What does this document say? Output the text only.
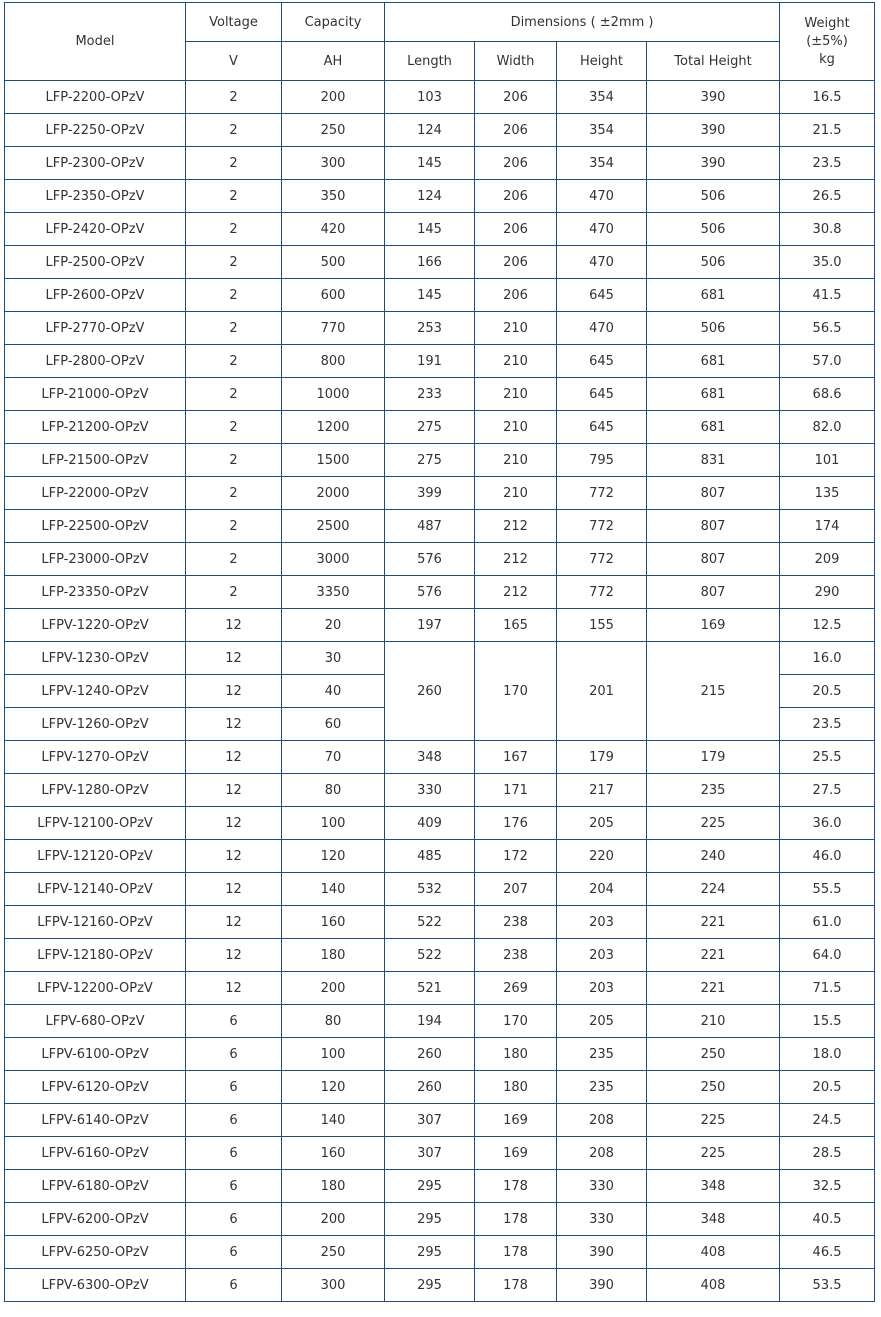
Model	Voltage	Capacity	Dimensions ( ±2mm )				Weight
(±5%)
kg

	V	AH	Length	Width	Height	Total Height	
LFP-2200-OPzV	2	200	103	206	354	390	16.5
LFP-2250-OPzV	2	250	124	206	354	390	21.5
LFP-2300-OPzV	2	300	145	206	354	390	23.5
LFP-2350-OPzV	2	350	124	206	470	506	26.5
LFP-2420-OPzV	2	420	145	206	470	506	30.8
LFP-2500-OPzV	2	500	166	206	470	506	35.0
LFP-2600-OPzV	2	600	145	206	645	681	41.5
LFP-2770-OPzV	2	770	253	210	470	506	56.5
LFP-2800-OPzV	2	800	191	210	645	681	57.0
LFP-21000-OPzV	2	1000	233	210	645	681	68.6
LFP-21200-OPzV	2	1200	275	210	645	681	82.0
LFP-21500-OPzV	2	1500	275	210	795	831	101
LFP-22000-OPzV	2	2000	399	210	772	807	135
LFP-22500-OPzV	2	2500	487	212	772	807	174
LFP-23000-OPzV	2	3000	576	212	772	807	209
LFP-23350-OPzV	2	3350	576	212	772	807	290
LFPV-1220-OPzV	12	20	197	165	155	169	12.5
LFPV-1230-OPzV	12	30	260	170	201	215	16.0
LFPV-1240-OPzV	12	40					20.5
LFPV-1260-OPzV	12	60					23.5
LFPV-1270-OPzV	12	70	348	167	179	179	25.5
LFPV-1280-OPzV	12	80	330	171	217	235	27.5
LFPV-12100-OPzV	12	100	409	176	205	225	36.0
LFPV-12120-OPzV	12	120	485	172	220	240	46.0
LFPV-12140-OPzV	12	140	532	207	204	224	55.5
LFPV-12160-OPzV	12	160	522	238	203	221	61.0
LFPV-12180-OPzV	12	180	522	238	203	221	64.0
LFPV-12200-OPzV	12	200	521	269	203	221	71.5
LFPV-680-OPzV	6	80	194	170	205	210	15.5
LFPV-6100-OPzV	6	100	260	180	235	250	18.0
LFPV-6120-OPzV	6	120	260	180	235	250	20.5
LFPV-6140-OPzV	6	140	307	169	208	225	24.5
LFPV-6160-OPzV	6	160	307	169	208	225	28.5
LFPV-6180-OPzV	6	180	295	178	330	348	32.5
LFPV-6200-OPzV	6	200	295	178	330	348	40.5
LFPV-6250-OPzV	6	250	295	178	390	408	46.5
LFPV-6300-OPzV	6	300	295	178	390	408	53.5
